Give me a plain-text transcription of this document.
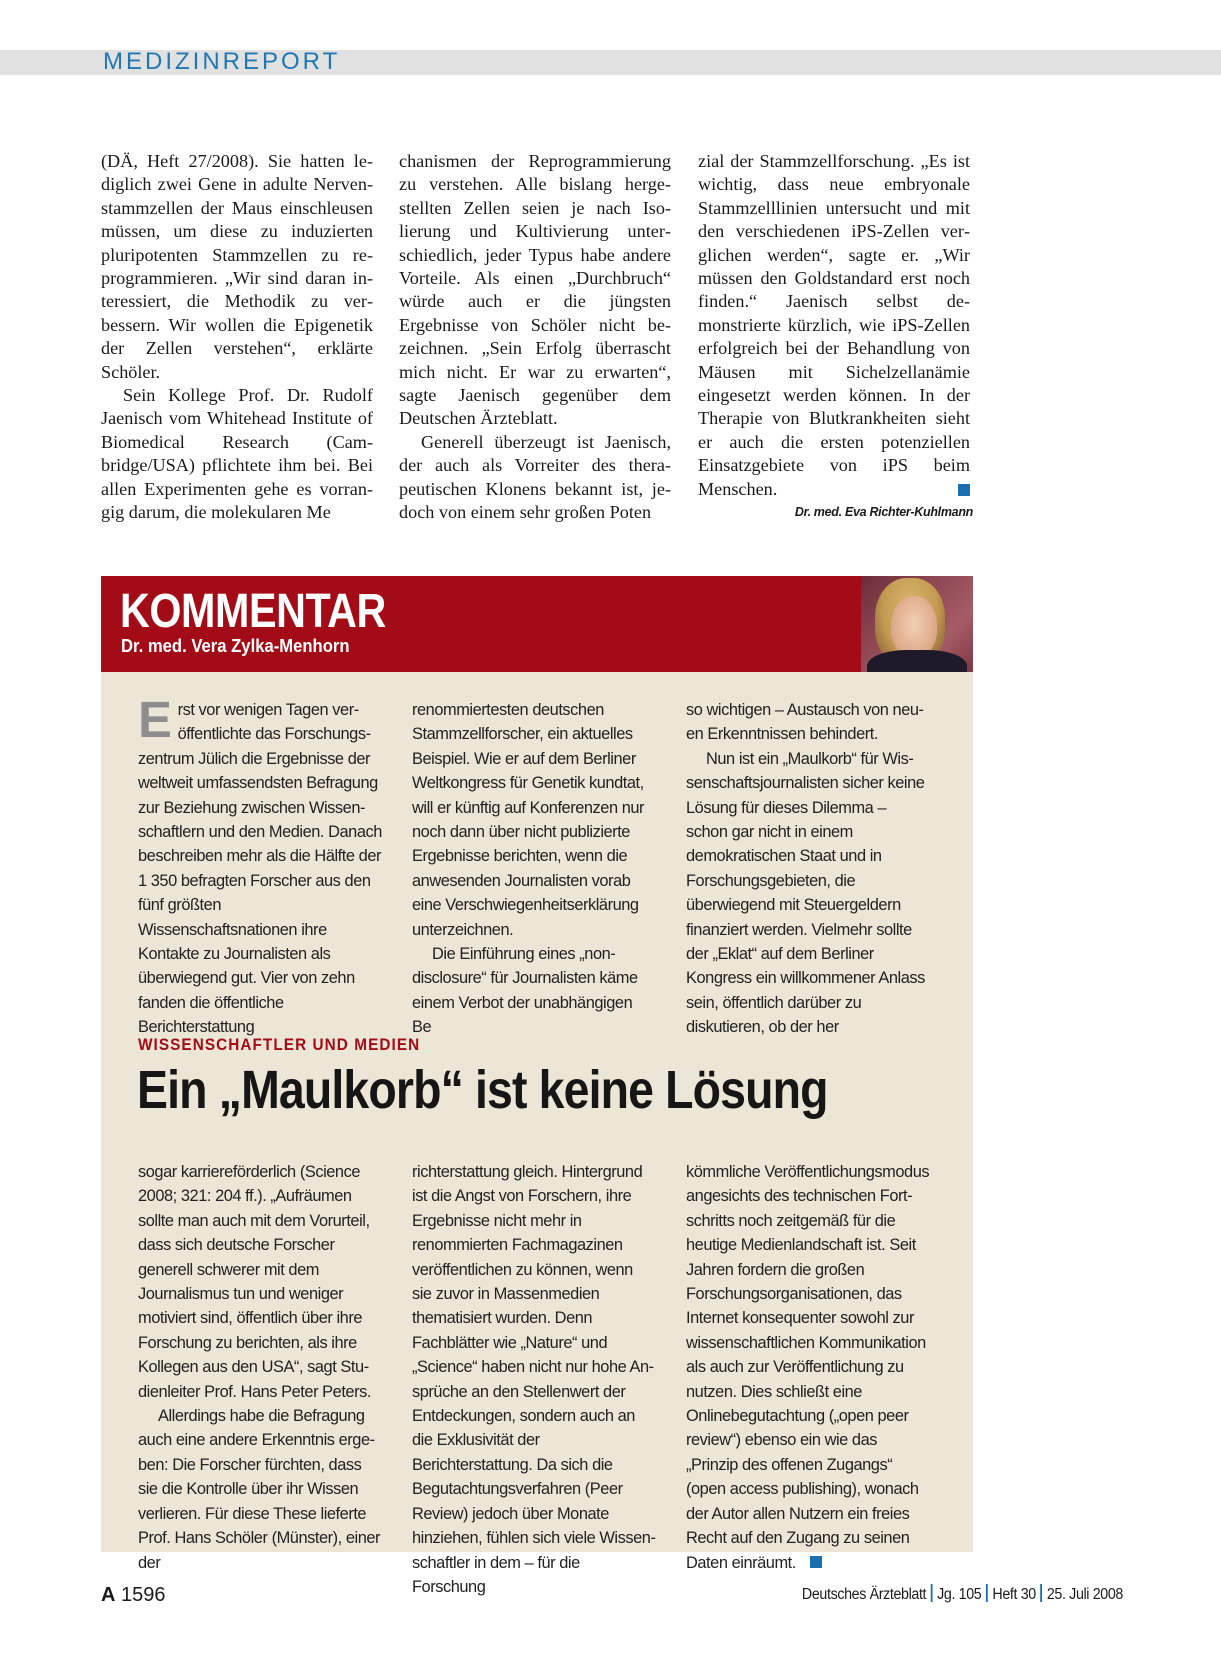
MEDIZINREPORT

(DÄ, Heft 27/2008). Sie hatten lediglich zwei Gene in adulte Nervenstammzellen der Maus einschleusen müssen, um diese zu induzierten pluripotenten Stammzellen zu reprogrammieren. „Wir sind daran interessiert, die Methodik zu verbessern. Wir wollen die Epigenetik der Zellen verstehen“, erklärte Schöler.

Sein Kollege Prof. Dr. Rudolf Jaenisch vom Whitehead Institute of Biomedical Research (Cambridge/USA) pflichtete ihm bei. Bei allen Experimenten gehe es vorrangig darum, die molekularen Me

chanismen der Reprogrammierung zu verstehen. Alle bislang hergestellten Zellen seien je nach Isolierung und Kultivierung unterschiedlich, jeder Typus habe andere Vorteile. Als einen „Durchbruch“ würde auch er die jüngsten Ergebnisse von Schöler nicht bezeichnen. „Sein Erfolg überrascht mich nicht. Er war zu erwarten“, sagte Jaenisch gegenüber dem Deutschen Ärzteblatt.

Generell überzeugt ist Jaenisch, der auch als Vorreiter des therapeutischen Klonens bekannt ist, jedoch von einem sehr großen Poten

zial der Stammzellforschung. „Es ist wichtig, dass neue embryonale Stammzelllinien untersucht und mit den verschiedenen iPS-Zellen verglichen werden“, sagte er. „Wir müssen den Goldstandard erst noch finden.“ Jaenisch selbst demonstrierte kürzlich, wie iPS-Zellen erfolgreich bei der Behandlung von Mäusen mit Sichelzellanämie eingesetzt werden können. In der Therapie von Blutkrankheiten sieht er auch die ersten potenziellen Einsatzgebiete von iPS beim Menschen.

Dr. med. Eva Richter-Kuhlmann
KOMMENTAR
Dr. med. Vera Zylka-Menhorn

Erst vor wenigen Tagen veröffentlichte das Forschungszentrum Jülich die Ergebnisse der weltweit umfassendsten Befragung zur Beziehung zwischen Wissenschaftlern und den Medien. Danach beschreiben mehr als die Hälfte der 1 350 befragten Forscher aus den fünf größten Wissenschaftsnationen ihre Kontakte zu Journalisten als überwiegend gut. Vier von zehn fanden die öffentliche Berichterstattung

renommiertesten deutschen Stammzellforscher, ein aktuelles Beispiel. Wie er auf dem Berliner Weltkongress für Genetik kundtat, will er künftig auf Konferenzen nur noch dann über nicht publizierte Ergebnisse berichten, wenn die anwesenden Journalisten vorab eine Verschwiegenheitserklärung unterzeichnen.

Die Einführung eines „nondisclosure“ für Journalisten käme einem Verbot der unabhängigen Be

so wichtigen – Austausch von neuen Erkenntnissen behindert.

Nun ist ein „Maulkorb“ für Wissenschaftsjournalisten sicher keine Lösung für dieses Dilemma – schon gar nicht in einem demokratischen Staat und in Forschungsgebieten, die überwiegend mit Steuergeldern finanziert werden. Vielmehr sollte der „Eklat“ auf dem Berliner Kongress ein willkommener Anlass sein, öffentlich darüber zu diskutieren, ob der her

WISSENSCHAFTLER UND MEDIEN
Ein „Maulkorb“ ist keine Lösung

sogar karriereförderlich (Science 2008; 321: 204 ff.). „Aufräumen sollte man auch mit dem Vorurteil, dass sich deutsche Forscher generell schwerer mit dem Journalismus tun und weniger motiviert sind, öffentlich über ihre Forschung zu berichten, als ihre Kollegen aus den USA“, sagt Studienleiter Prof. Hans Peter Peters.

Allerdings habe die Befragung auch eine andere Erkenntnis ergeben: Die Forscher fürchten, dass sie die Kontrolle über ihr Wissen verlieren. Für diese These lieferte Prof. Hans Schöler (Münster), einer der

richterstattung gleich. Hintergrund ist die Angst von Forschern, ihre Ergebnisse nicht mehr in renommierten Fachmagazinen veröffentlichen zu können, wenn sie zuvor in Massenmedien thematisiert wurden. Denn Fachblätter wie „Nature“ und „Science“ haben nicht nur hohe Ansprüche an den Stellenwert der Entdeckungen, sondern auch an die Exklusivität der Berichterstattung. Da sich die Begutachtungsverfahren (Peer Review) jedoch über Monate hinziehen, fühlen sich viele Wissenschaftler in dem – für die Forschung

kömmliche Veröffentlichungsmodus angesichts des technischen Fortschritts noch zeitgemäß für die heutige Medienlandschaft ist. Seit Jahren fordern die großen Forschungsorganisationen, das Internet konsequenter sowohl zur wissenschaftlichen Kommunikation als auch zur Veröffentlichung zu nutzen. Dies schließt eine Onlinebegutachtung („open peer review“) ebenso ein wie das „Prinzip des offenen Zugangs“ (open access publishing), wonach der Autor allen Nutzern ein freies Recht auf den Zugang zu seinen Daten einräumt.

A 1596	Deutsches Ärzteblatt Jg. 105 Heft 30 25. Juli 2008
